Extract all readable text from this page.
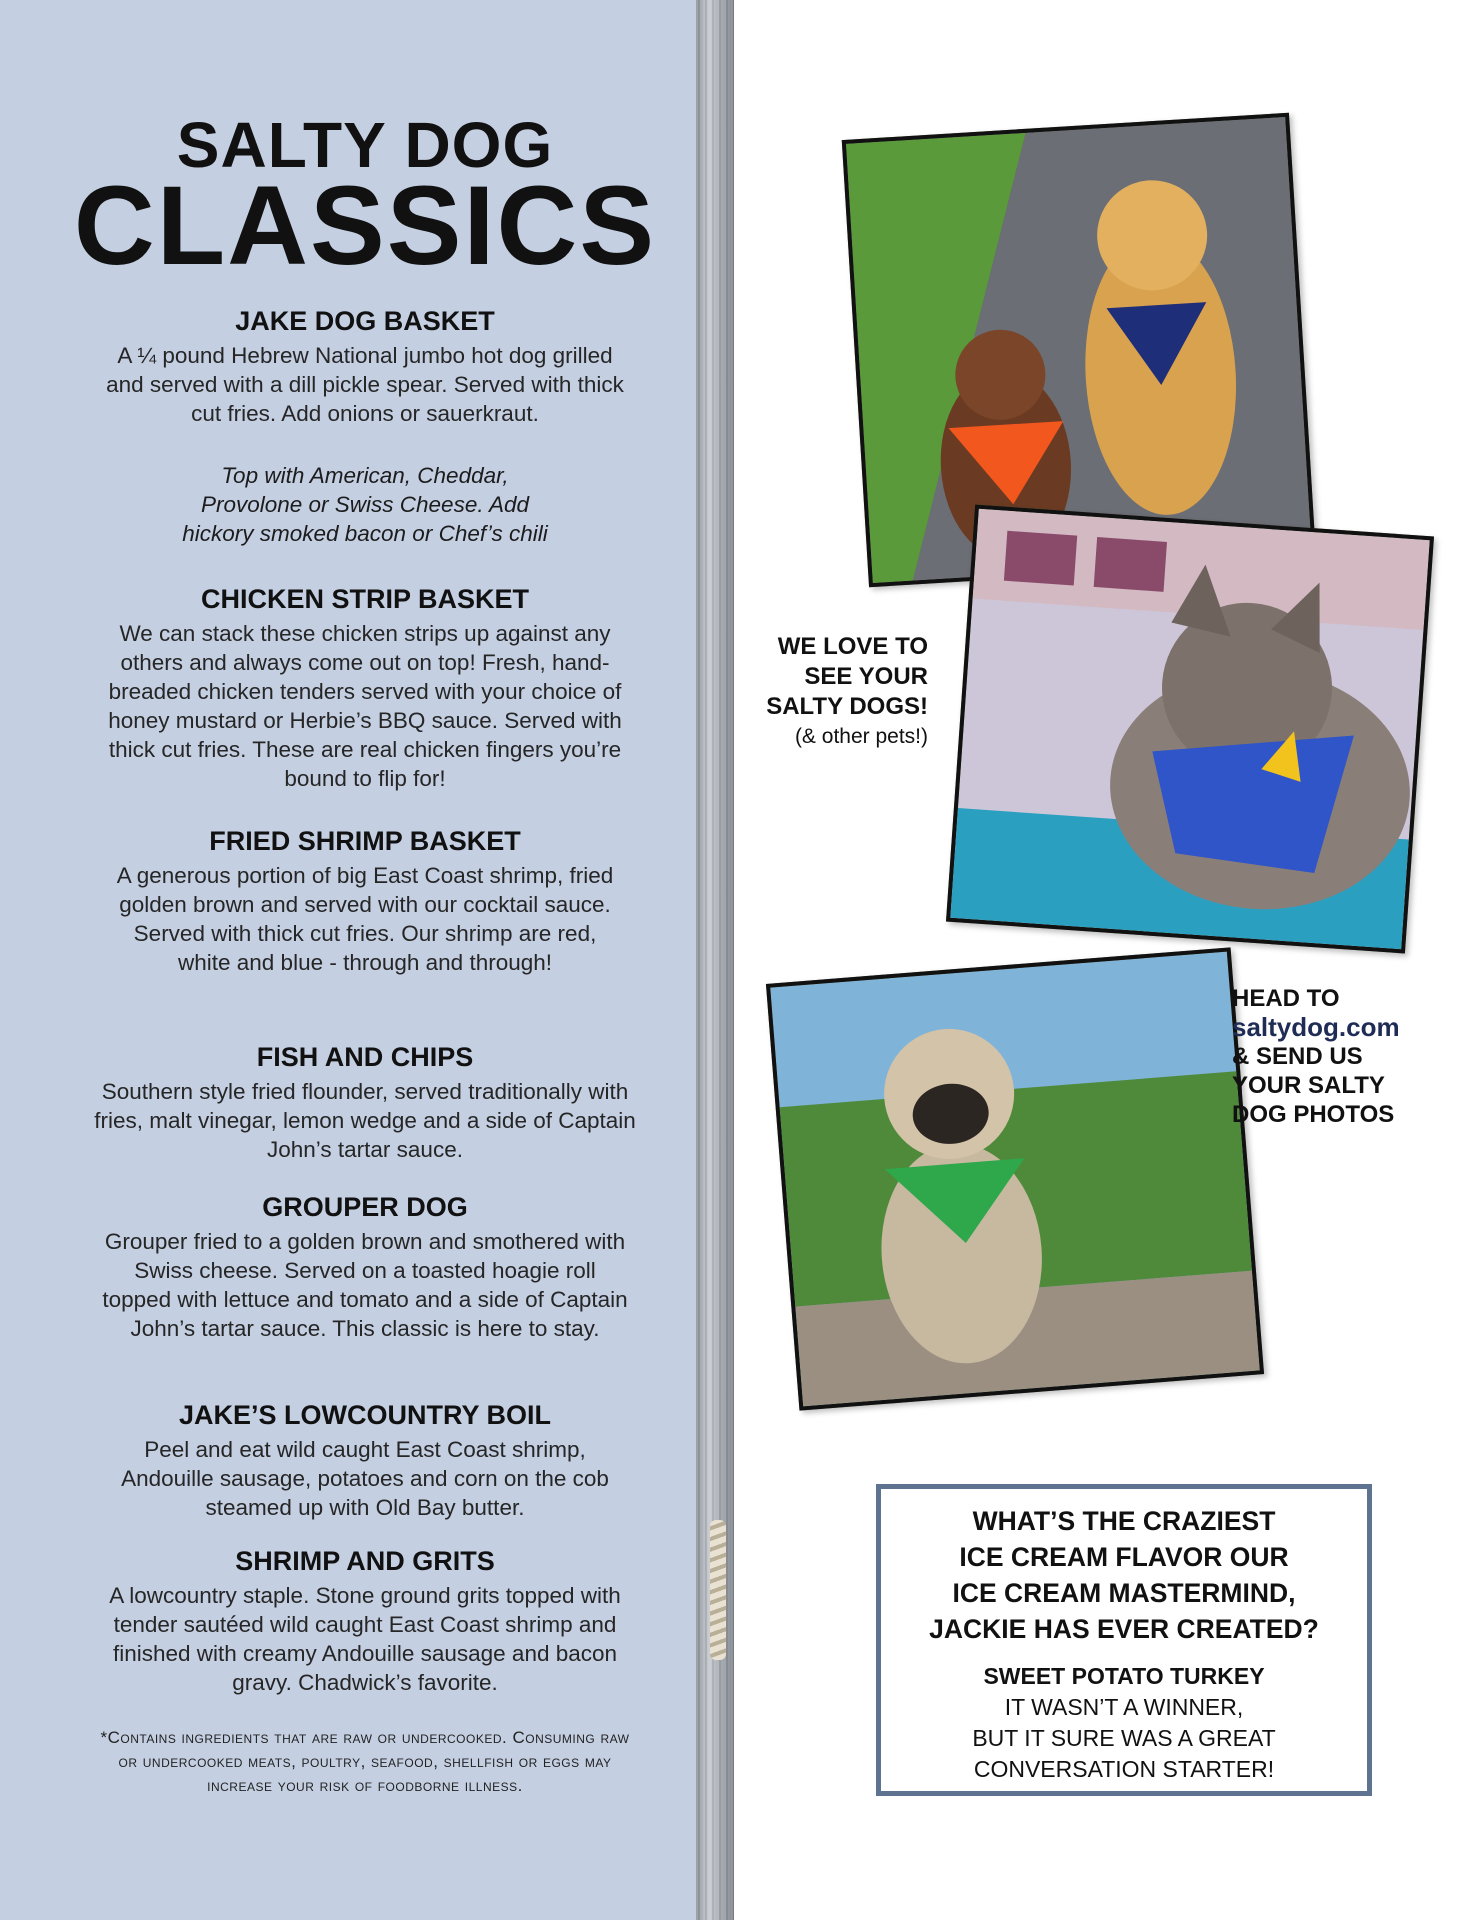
SALTY DOG
CLASSICS
JAKE DOG BASKET
A ¼ pound Hebrew National jumbo hot dog grilled and served with a dill pickle spear. Served with thick cut fries. Add onions or sauerkraut.
Top with American, Cheddar, Provolone or Swiss Cheese. Add hickory smoked bacon or Chef’s chili
CHICKEN STRIP BASKET
We can stack these chicken strips up against any others and always come out on top! Fresh, hand-breaded chicken tenders served with your choice of honey mustard or Herbie’s BBQ sauce. Served with thick cut fries. These are real chicken fingers you’re bound to flip for!
FRIED SHRIMP BASKET
A generous portion of big East Coast shrimp, fried golden brown and served with our cocktail sauce. Served with thick cut fries. Our shrimp are red, white and blue - through and through!
FISH AND CHIPS
Southern style fried flounder, served traditionally with fries, malt vinegar, lemon wedge and a side of Captain John’s tartar sauce.
GROUPER DOG
Grouper fried to a golden brown and smothered with Swiss cheese. Served on a toasted hoagie roll topped with lettuce and tomato and a side of Captain John’s tartar sauce. This classic is here to stay.
JAKE’S LOWCOUNTRY BOIL
Peel and eat wild caught East Coast shrimp, Andouille sausage, potatoes and corn on the cob steamed up with Old Bay butter.
SHRIMP AND GRITS
A lowcountry staple. Stone ground grits topped with tender sautéed wild caught East Coast shrimp and finished with creamy Andouille sausage and bacon gravy. Chadwick’s favorite.
*Contains ingredients that are raw or undercooked. Consuming raw or undercooked meats, poultry, seafood, shellfish or eggs may increase your risk of foodborne illness.
WE LOVE TO
SEE YOUR
SALTY DOGS!
(& other pets!)
HEAD TO
saltydog.com
& SEND US
YOUR SALTY
DOG PHOTOS
WHAT’S THE CRAZIEST
ICE CREAM FLAVOR OUR
ICE CREAM MASTERMIND,
JACKIE HAS EVER CREATED?
SWEET POTATO TURKEY
IT WASN’T A WINNER,
BUT IT SURE WAS A GREAT
CONVERSATION STARTER!
